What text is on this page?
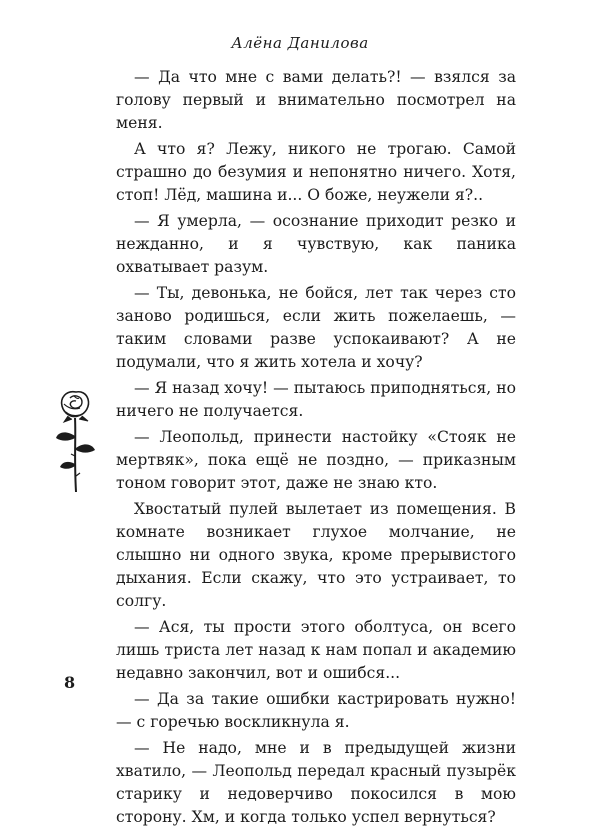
Алёна Данилова

— Да что мне с вами делать?! — взялся за голову первый и внимательно посмотрел на меня.

А что я? Лежу, никого не трогаю. Самой страшно до безумия и непонятно ничего. Хотя, стоп! Лёд, машина и... О боже, неужели я?..

— Я умерла, — осознание приходит резко и нежданно, и я чувствую, как паника охватывает разум.

— Ты, девонька, не бойся, лет так через сто заново родишься, если жить пожелаешь, — таким словами разве успокаивают? А не подумали, что я жить хотела и хочу?

— Я назад хочу! — пытаюсь приподняться, но ничего не получается.

— Леопольд, принести настойку «Стояк не мертвяк», пока ещё не поздно, — приказным тоном говорит этот, даже не знаю кто.

Хвостатый пулей вылетает из помещения. В комнате возникает глухое молчание, не слышно ни одного звука, кроме прерывистого дыхания. Если скажу, что это устраивает, то солгу.

— Ася, ты прости этого оболтуса, он всего лишь триста лет назад к нам попал и академию недавно закончил, вот и ошибся...

— Да за такие ошибки кастрировать нужно! — с горечью воскликнула я.

— Не надо, мне и в предыдущей жизни хватило, — Леопольд передал красный пузырёк старику и недоверчиво покосился в мою сторону. Хм, и когда только успел вернуться?

8
